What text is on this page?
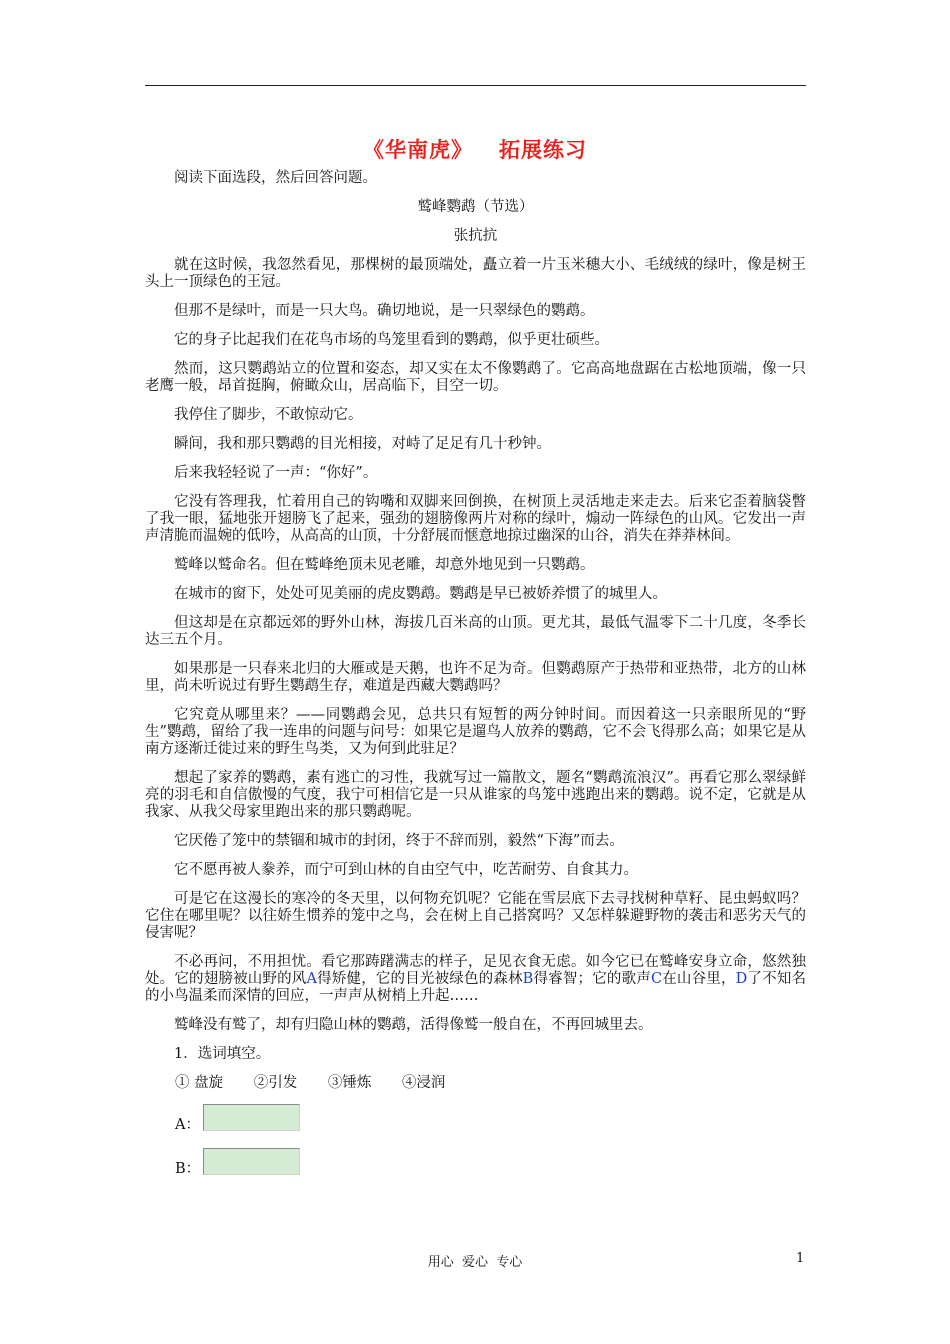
《华南虎》 拓展练习

阅读下面选段，然后回答问题。

鹫峰鹦鹉（节选）

张抗抗

就在这时候，我忽然看见，那棵树的最顶端处，矗立着一片玉米穗大小、毛绒绒的绿叶，像是树王头上一顶绿色的王冠。

但那不是绿叶，而是一只大鸟。确切地说，是一只翠绿色的鹦鹉。

它的身子比起我们在花鸟市场的鸟笼里看到的鹦鹉，似乎更壮硕些。

然而，这只鹦鹉站立的位置和姿态，却又实在太不像鹦鹉了。它高高地盘踞在古松地顶端，像一只老鹰一般，昂首挺胸，俯瞰众山，居高临下，目空一切。

我停住了脚步，不敢惊动它。

瞬间，我和那只鹦鹉的目光相接，对峙了足足有几十秒钟。

后来我轻轻说了一声：“你好”。

它没有答理我，忙着用自己的钩嘴和双脚来回倒换，在树顶上灵活地走来走去。后来它歪着脑袋瞥了我一眼，猛地张开翅膀飞了起来，强劲的翅膀像两片对称的绿叶，煽动一阵绿色的山风。它发出一声声清脆而温婉的低吟，从高高的山顶，十分舒展而惬意地掠过幽深的山谷，消失在莽莽林间。

鹫峰以鹫命名。但在鹫峰绝顶未见老雕，却意外地见到一只鹦鹉。

在城市的窗下，处处可见美丽的虎皮鹦鹉。鹦鹉是早已被娇养惯了的城里人。

但这却是在京都远郊的野外山林，海拔几百米高的山顶。更尤其，最低气温零下二十几度，冬季长达三五个月。

如果那是一只春来北归的大雁或是天鹅，也许不足为奇。但鹦鹉原产于热带和亚热带，北方的山林里，尚未听说过有野生鹦鹉生存，难道是西藏大鹦鹉吗？

它究竟从哪里来？——同鹦鹉会见，总共只有短暂的两分钟时间。而因着这一只亲眼所见的“野生”鹦鹉，留给了我一连串的问题与问号：如果它是遛鸟人放养的鹦鹉，它不会飞得那么高；如果它是从南方逐渐迁徙过来的野生鸟类，又为何到此驻足？

想起了家养的鹦鹉，素有逃亡的习性，我就写过一篇散文，题名“鹦鹉流浪汉”。再看它那么翠绿鲜亮的羽毛和自信傲慢的气度，我宁可相信它是一只从谁家的鸟笼中逃跑出来的鹦鹉。说不定，它就是从我家、从我父母家里跑出来的那只鹦鹉呢。

它厌倦了笼中的禁锢和城市的封闭，终于不辞而别，毅然“下海”而去。

它不愿再被人豢养，而宁可到山林的自由空气中，吃苦耐劳、自食其力。

可是它在这漫长的寒冷的冬天里，以何物充饥呢？它能在雪层底下去寻找树种草籽、昆虫蚂蚁吗？它住在哪里呢？以往娇生惯养的笼中之鸟，会在树上自己搭窝吗？又怎样躲避野物的袭击和恶劣天气的侵害呢？

不必再问，不用担忧。看它那踌躇满志的样子，足见衣食无虑。如今它已在鹫峰安身立命，悠然独处。它的翅膀被山野的风A得矫健，它的目光被绿色的森林B得睿智；它的歌声C在山谷里，D了不知名的小鸟温柔而深情的回应，一声声从树梢上升起……

鹫峰没有鹫了，却有归隐山林的鹦鹉，活得像鹫一般自在，不再回城里去。

1．选词填空。

① 盘旋 ②引发 ③锤炼 ④浸润
A：
B：
用心  爱心  专心	1
